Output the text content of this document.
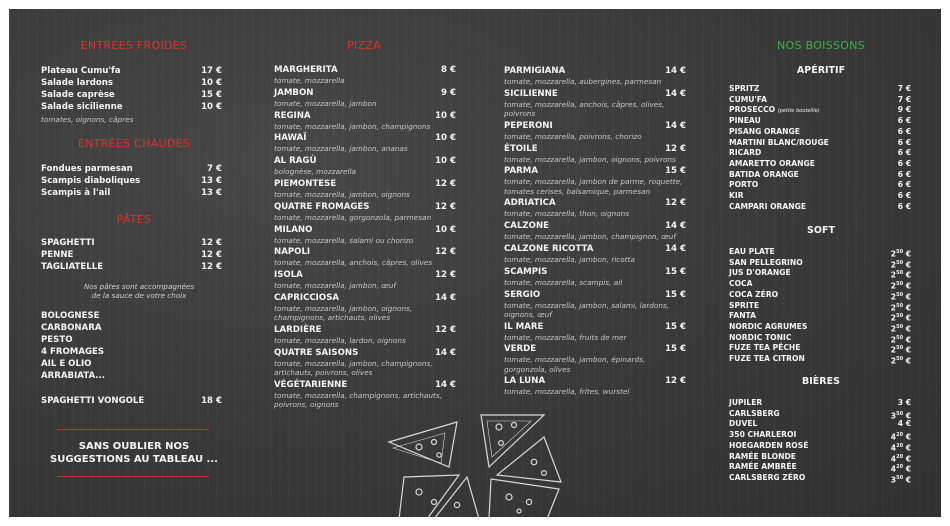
ENTRÉES FROIDES
tomates, oignons, câpres
ENTRÉES CHAUDES
PÂTES
Nos pâtes sont accompagnées
de la sauce de votre choix
SPAGHETTI VONGOLE	18 €
SANS OUBLIER NOS
SUGGESTIONS AU TABLEAU ...
PIZZA	NOS BOISSONS
APÉRITIF
SOFT
BIÈRES
Plateau Cumu'fa	17 €
Salade lardons	10 €
Salade caprèse	15 €
Salade sicilienne	10 €
Fondues parmesan	7 €
Scampis diaboliques	13 €
Scampis à l'ail	13 €
SPAGHETTI	12 €
PENNE	12 €
TAGLIATELLE	12 €
BOLOGNESE
CARBONARA
PESTO
4 FROMAGES
AIL E OLIO
ARRABIATA...
MARGHERITA	8 €
tomate, mozzarella
JAMBON	9 €
tomate, mozzarella, jambon
REGINA	10 €
tomate, mozzarella, jambon, champignons
HAWAÏ	10 €
tomate, mozzarella, jambon, ananas
AL RAGÙ	10 €
bolognèse, mozzarella
PIEMONTESE	12 €
tomate, mozzarella, jambon, oignons
QUATRE FROMAGES	12 €
tomate, mozzarella, gorgonzola, parmesan
MILANO	10 €
tomate, mozzarella, salami ou chorizo
NAPOLI	12 €
tomate, mozzarella, anchois, câpres, olives
ISOLA	12 €
tomate, mozzarella, jambon, œuf
CAPRICCIOSA	14 €
tomate, mozzarella, jambon, oignons,
champignons, artichauts, olives
LARDIÈRE	12 €
tomate, mozzarella, lardon, oignons
QUATRE SAISONS	14 €
tomate, mozzarella, jambon, champignons,
artichauts, poivrons, olives
VÉGÉTARIENNE	14 €
tomate, mozzarella, champignons, artichauts,
poivrons, oignons
PARMIGIANA	14 €
tomate, mozzarella, aubergines, parmesan
SICILIENNE	14 €
tomate, mozzarella, anchois, câpres, olives,
poivrons
PEPERONI	14 €
tomate, mozzarella, poivrons, chorizo
ÉTOILE	12 €
tomate, mozzarella, jambon, oignons, poivrons
PARMA	15 €
tomate, mozzarella, jambon de parme, roquette,
tomates cerises, balsamique, parmesan
ADRIATICA	12 €
tomate, mozzarella, thon, oignons
CALZONE	14 €
tomate, mozzarella, jambon, champignon, œuf
CALZONE RICOTTA	14 €
tomate, mozzarella, jambon, ricotta
SCAMPIS	15 €
tomate, mozzarella, scampis, ail
SERGIO	15 €
tomate, mozzarella, jambon, salami, lardons,
oignons, œuf
IL MARE	15 €
tomate, mozzarella, fruits de mer
VERDE	15 €
tomate, mozzarella, jambon, épinards,
gorgonzola, olives
LA LUNA	12 €
tomate, mozzarella, frites, wurstel
SPRITZ	7 €
CUMU'FA	7 €
PROSECCO (petite bouteille)	9 €
PINEAU	6 €
PISANG ORANGE	6 €
MARTINI BLANC/ROUGE	6 €
RICARD	6 €
AMARETTO ORANGE	6 €
BATIDA ORANGE	6 €
PORTO	6 €
KIR	6 €
CAMPARI ORANGE	6 €
EAU PLATE	$2^{50}$ €
SAN PELLEGRINO	$2^{50}$ €
JUS D'ORANGE	$2^{50}$ €
COCA	$2^{50}$ €
COCA ZÉRO	$2^{50}$ €
SPRITE	$2^{50}$ €
FANTA	$2^{50}$ €
NORDIC AGRUMES	$2^{50}$ €
NORDIC TONIC	$2^{50}$ €
FUZE TEA PÊCHE	$2^{50}$ €
FUZE TEA CITRON	$2^{50}$ €
JUPILER	3 €
CARLSBERG	$3^{50}$ €
DUVEL	4 €
350 CHARLEROI	$4^{20}$ €
HOEGARDEN ROSÉ	$4^{20}$ €
RAMÉE BLONDE	$4^{20}$ €
RAMÉE AMBRÉE	$4^{20}$ €
CARLSBERG ZÉRO	$3^{50}$ €
